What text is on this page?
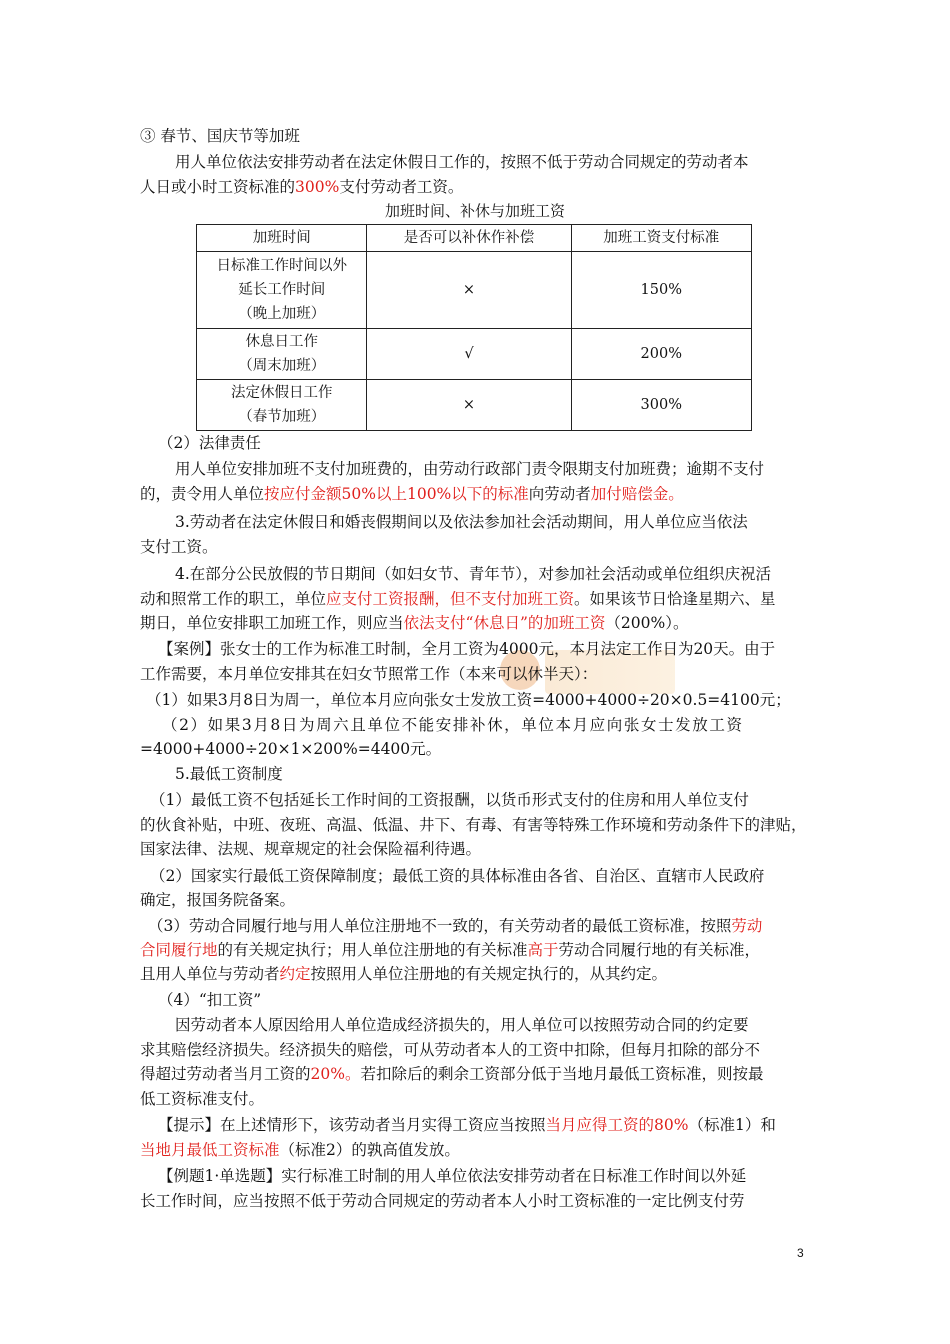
③ 春节、国庆节等加班
用人单位依法安排劳动者在法定休假日工作的，按照不低于劳动合同规定的劳动者本
人日或小时工资标准的300%支付劳动者工资。
加班时间、补休与加班工资
加班时间	是否可以补休作补偿	加班工资支付标准

日标准工作时间以外
延长工作时间
（晚上加班）	×	150%

休息日工作
（周末加班）	√	200%

法定休假日工作
（春节加班）	×	300%
（2）法律责任
用人单位安排加班不支付加班费的，由劳动行政部门责令限期支付加班费；逾期不支付
的，责令用人单位按应付金额50%以上100%以下的标准向劳动者加付赔偿金。
3.劳动者在法定休假日和婚丧假期间以及依法参加社会活动期间，用人单位应当依法
支付工资。
4.在部分公民放假的节日期间（如妇女节、青年节），对参加社会活动或单位组织庆祝活
动和照常工作的职工，单位应支付工资报酬，但不支付加班工资。如果该节日恰逢星期六、星
期日，单位安排职工加班工作，则应当依法支付“休息日”的加班工资（200%）。
【案例】张女士的工作为标准工时制，全月工资为4000元，本月法定工作日为20天。由于
工作需要，本月单位安排其在妇女节照常工作（本来可以休半天）：
（1）如果3月8日为周一，单位本月应向张女士发放工资=4000+4000÷20×0.5=4100元；
（2）如果3月8日为周六且单位不能安排补休，单位本月应向张女士发放工资
=4000+4000÷20×1×200%=4400元。
5.最低工资制度
（1）最低工资不包括延长工作时间的工资报酬，以货币形式支付的住房和用人单位支付
的伙食补贴，中班、夜班、高温、低温、井下、有毒、有害等特殊工作环境和劳动条件下的津贴，
国家法律、法规、规章规定的社会保险福利待遇。
（2）国家实行最低工资保障制度；最低工资的具体标准由各省、自治区、直辖市人民政府
确定，报国务院备案。
（3）劳动合同履行地与用人单位注册地不一致的，有关劳动者的最低工资标准，按照劳动
合同履行地的有关规定执行；用人单位注册地的有关标准高于劳动合同履行地的有关标准，
且用人单位与劳动者约定按照用人单位注册地的有关规定执行的，从其约定。
（4）“扣工资”
因劳动者本人原因给用人单位造成经济损失的，用人单位可以按照劳动合同的约定要
求其赔偿经济损失。经济损失的赔偿，可从劳动者本人的工资中扣除，但每月扣除的部分不
得超过劳动者当月工资的20%。若扣除后的剩余工资部分低于当地月最低工资标准，则按最
低工资标准支付。
【提示】在上述情形下，该劳动者当月实得工资应当按照当月应得工资的80%（标准1）和
当地月最低工资标准（标准2）的孰高值发放。
【例题1·单选题】实行标准工时制的用人单位依法安排劳动者在日标准工作时间以外延
长工作时间，应当按照不低于劳动合同规定的劳动者本人小时工资标准的一定比例支付劳
3
